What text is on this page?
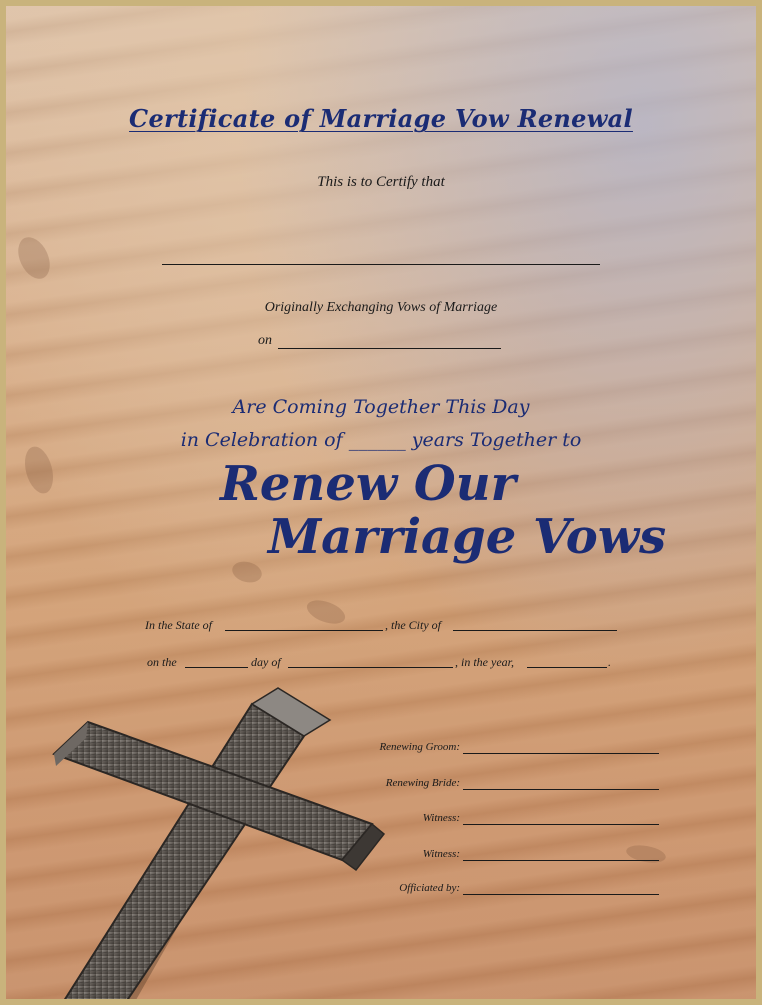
Certificate of Marriage Vow Renewal
This is to Certify that
Originally Exchanging Vows of Marriage
on
Are Coming Together This Day
in Celebration of ______ years Together to
Renew Our
Marriage Vows
In the State of	, the City of
on the	day of	, in the year,	.
Renewing Groom:
Renewing Bride:
Witness:
Witness:
Officiated by:
